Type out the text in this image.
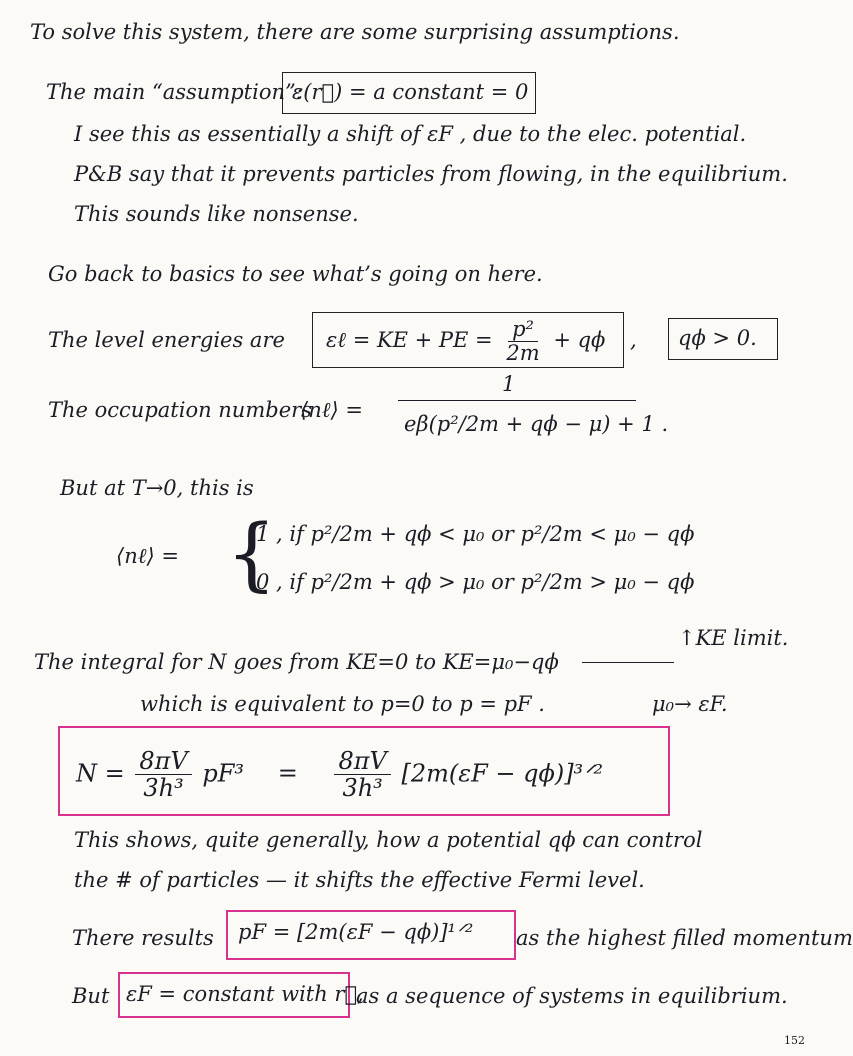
To solve this system, there are some surprising assumptions.
The main “assumption”:
ε(r⃗) = a constant = 0
I see this as essentially a shift of εF , due to the elec. potential.
P&B say that it prevents particles from flowing, in the equilibrium.
This sounds like nonsense.
Go back to basics to see what’s going on here.
The level energies are εℓ = KE + PE = $\frac{\text{p²}}{2m} + q\phi$ , qϕ > 0.
The occupation numbers
⟨nℓ⟩ =
1
eβ(p²/2m + qϕ − μ) + 1 .
But at T→0, this is
⟨nℓ⟩ = {
1 , if p²/2m + qϕ < μ₀ or p²/2m < μ₀ − qϕ
0 , if p²/2m + qϕ > μ₀ or p²/2m > μ₀ − qϕ
The integral for N goes from KE=0 to KE=μ₀−qϕ
↑KE limit.
which is equivalent to p=0 to p = pF .	μ₀→ εF.
$N = \frac{8\pi V}{\text{3h³}} pF^3 = \frac{8\pi V}{\text{3h³}} [2m(\varepsilon F$ − qϕ)]³ᐟ²
This shows, quite generally, how a potential qϕ can control
the # of particles — it shifts the effective Fermi level.
There results pF = [2m(εF − qϕ)]¹ᐟ² as the highest filled momentum
But εF = constant with r⃗,
as a sequence of systems in equilibrium.
152
